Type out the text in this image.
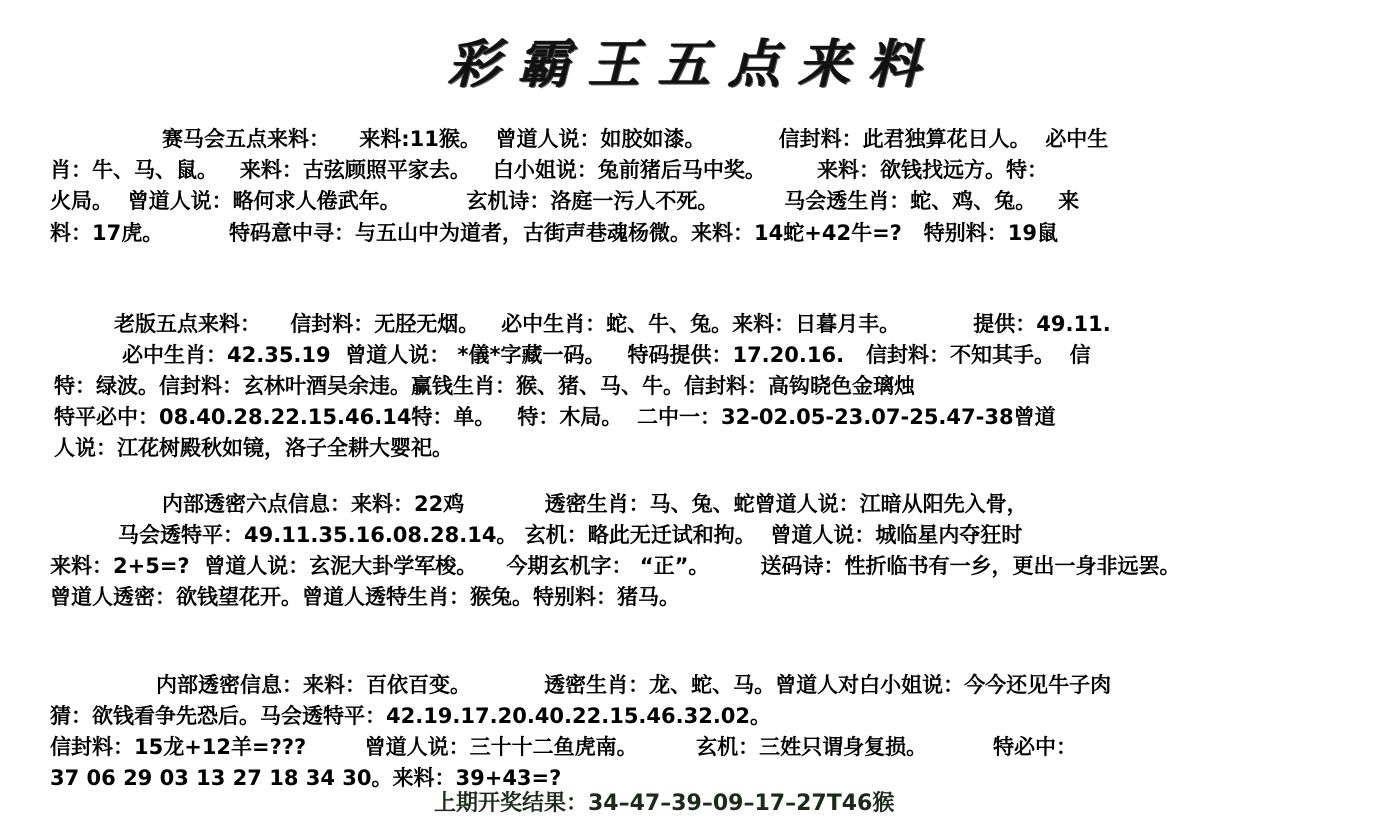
彩霸王五点来料
赛马会五点来料：    来料:11猴。  曾道人说：如胶如漆。          信封料：此君独算花日人。  必中生
肖：牛、马、鼠。   来料：古弦顾照平家去。   白小姐说：兔前猪后马中奖。       来料：欲钱找远方。特：
火局。  曾道人说：略何求人倦武年。         玄机诗：洛庭一污人不死。         马会透生肖：蛇、鸡、兔。   来
料：17虎。         特码意中寻：与五山中为道者，古街声巷魂杨微。来料：14蛇+42牛=?   特别料：19鼠
老版五点来料：    信封料：无胫无烟。   必中生肖：蛇、牛、兔。来料：日暮月丰。          提供：49.11.
必中生肖：42.35.19  曾道人说： *儀*字藏一码。   特码提供：17.20.16.   信封料：不知其手。  信
特：绿波。信封料：玄林叶酒吴余违。赢钱生肖：猴、猪、马、牛。信封料：高钩晓色金璃烛
特平必中：08.40.28.22.15.46.14特：单。   特：木局。  二中一：32-02.05-23.07-25.47-38曾道
人说：江花树殿秋如镜，洛子全耕大婴祀。
内部透密六点信息：来料：22鸡           透密生肖：马、兔、蛇曾道人说：江暗从阳先入骨，
马会透特平：49.11.35.16.08.28.14。 玄机：略此无迁试和拘。  曾道人说：城临星内夺狂时
来料：2+5=?  曾道人说：玄泥大卦学军梭。    今期玄机字： “正”。       送码诗：性折临书有一乡，更出一身非远罢。
曾道人透密：欲钱望花开。曾道人透特生肖：猴兔。特别料：猪马。
内部透密信息：来料：百依百变。          透密生肖：龙、蛇、马。曾道人对白小姐说：今今还见牛子肉
猜：欲钱看争先恐后。马会透特平：42.19.17.20.40.22.15.46.32.02。
信封料：15龙+12羊=???        曾道人说：三十十二鱼虎南。        玄机：三姓只谓身复损。         特必中：
37 06 29 03 13 27 18 34 30。来料：39+43=?
上期开奖结果：34–47–39–09–17–27T46猴
